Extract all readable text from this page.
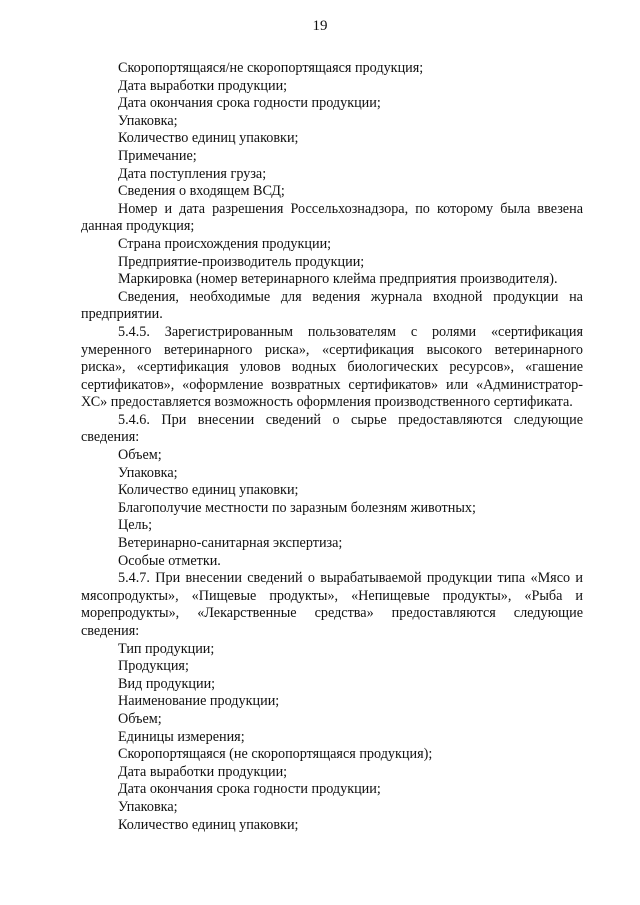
19

Скоропортящаяся/не скоропортящаяся продукция;

Дата выработки продукции;

Дата окончания срока годности продукции;

Упаковка;

Количество единиц упаковки;

Примечание;

Дата поступления груза;

Сведения о входящем ВСД;

Номер и дата разрешения Россельхознадзора, по которому была ввезена данная продукция;

Страна происхождения продукции;

Предприятие-производитель продукции;

Маркировка (номер ветеринарного клейма предприятия производителя).

Сведения, необходимые для ведения журнала входной продукции на предприятии.

5.4.5. Зарегистрированным пользователям с ролями «сертификация умеренного ветеринарного риска», «сертификация высокого ветеринарного риска», «сертификация уловов водных биологических ресурсов», «гашение сертификатов», «оформление возвратных сертификатов» или «Администратор-ХС» предоставляется возможность оформления производственного сертификата.

5.4.6. При внесении сведений о сырье предоставляются следующие сведения:

Объем;

Упаковка;

Количество единиц упаковки;

Благополучие местности по заразным болезням животных;

Цель;

Ветеринарно-санитарная экспертиза;

Особые отметки.

5.4.7. При внесении сведений о вырабатываемой продукции типа «Мясо и мясопродукты», «Пищевые продукты», «Непищевые продукты», «Рыба и морепродукты», «Лекарственные средства» предоставляются следующие сведения:

Тип продукции;

Продукция;

Вид продукции;

Наименование продукции;

Объем;

Единицы измерения;

Скоропортящаяся (не скоропортящаяся продукция);

Дата выработки продукции;

Дата окончания срока годности продукции;

Упаковка;

Количество единиц упаковки;
